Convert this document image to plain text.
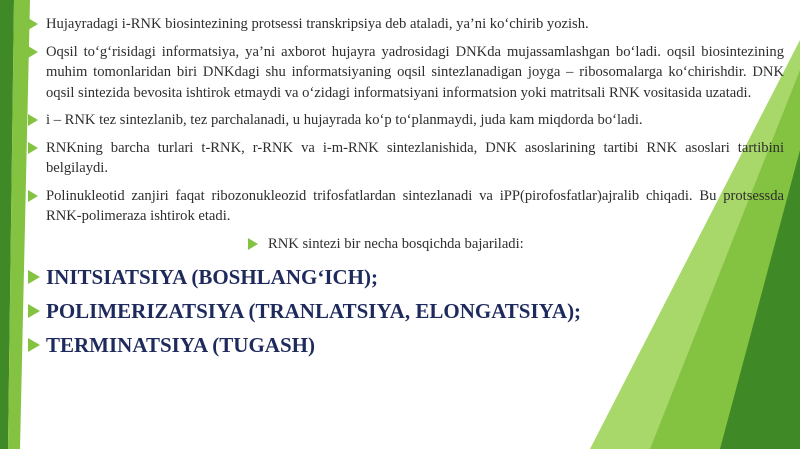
Hujayradagi i-RNK biosintezining protsessi transkripsiya deb ataladi, ya’ni ko‘chirib yozish.

Oqsil to‘g‘risidagi informatsiya, ya’ni axborot hujayra yadrosidagi DNKda mujassamlashgan bo‘ladi. oqsil biosintezining muhim tomonlaridan biri DNKdagi shu informatsiyaning oqsil sintezlanadigan joyga – ribosomalarga ko‘chirishdir. DNK oqsil sintezida bevosita ishtirok etmaydi va o‘zidagi informatsiyani informatsion yoki matritsali RNK vositasida uzatadi.

i – RNK tez sintezlanib, tez parchalanadi, u hujayrada ko‘p to‘planmaydi, juda kam miqdorda bo‘ladi.

RNKning barcha turlari t-RNK, r-RNK va i-m-RNK sintezlanishida, DNK asoslarining tartibi RNK asoslari tartibini belgilaydi.

Polinukleotid zanjiri faqat ribozonukleozid trifosfatlardan sintezlanadi va iPP(pirofosfatlar)ajralib chiqadi. Bu protsessda RNK-polimeraza ishtirok etadi.

RNK sintezi bir necha bosqichda bajariladi:

INITSIATSIYA (BOSHLANG‘ICH);

POLIMERIZATSIYA (TRANLATSIYA, ELONGATSIYA);

TERMINATSIYA (TUGASH)
